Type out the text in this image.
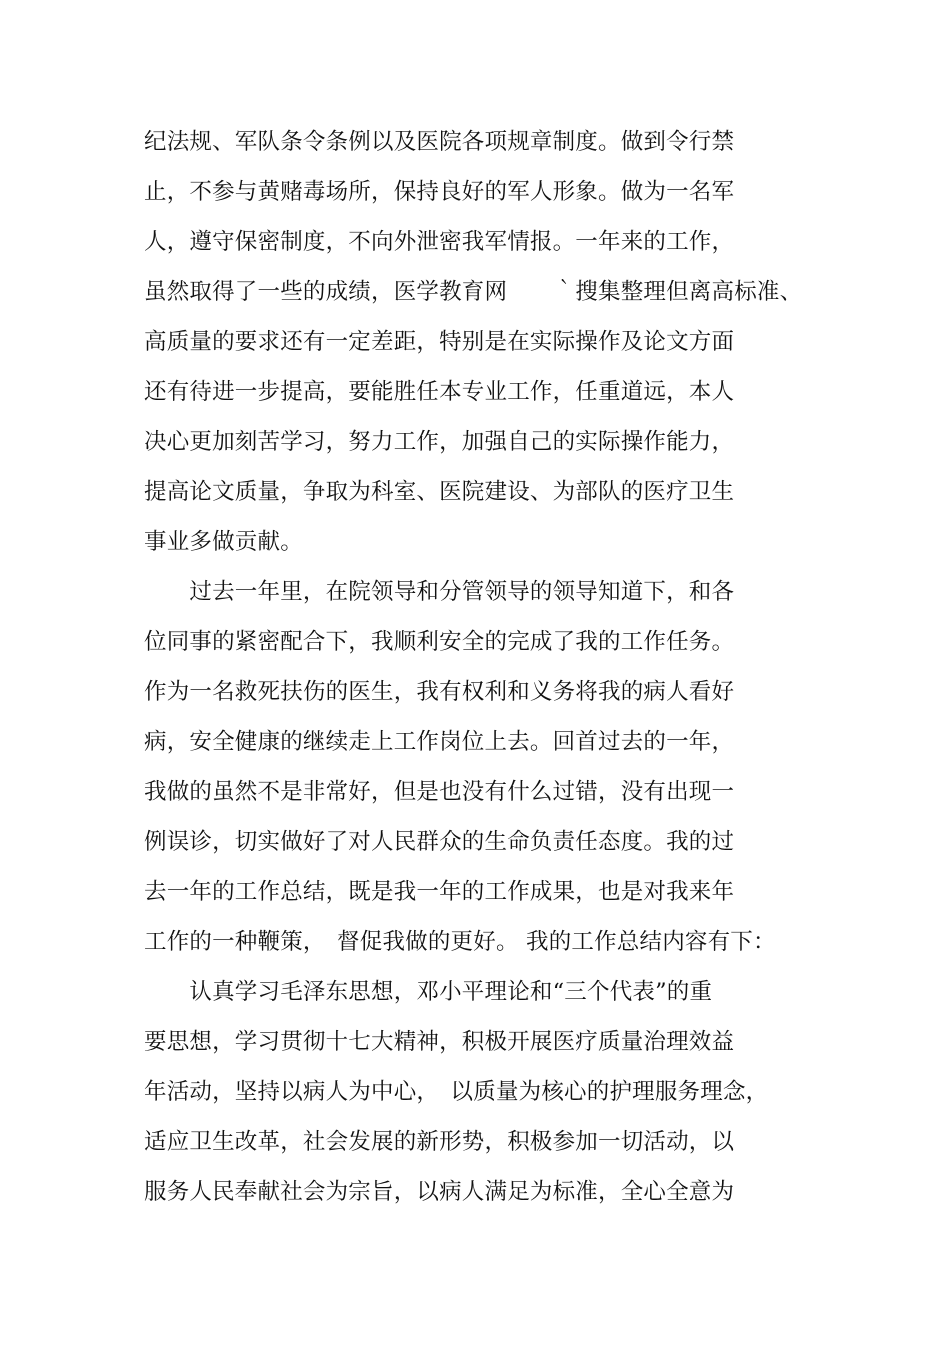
纪法规、军队条令条例以及医院各项规章制度。做到令行禁
止，不参与黄赌毒场所，保持良好的军人形象。做为一名军
人，遵守保密制度，不向外泄密我军情报。一年来的工作，
虽然取得了一些的成绩，医学教育网　　｀搜集整理但离高标准、
高质量的要求还有一定差距，特别是在实际操作及论文方面
还有待进一步提高，要能胜任本专业工作，任重道远，本人
决心更加刻苦学习，努力工作，加强自己的实际操作能力，
提高论文质量，争取为科室、医院建设、为部队的医疗卫生
事业多做贡献。
　　过去一年里，在院领导和分管领导的领导知道下，和各
位同事的紧密配合下，我顺利安全的完成了我的工作任务。
作为一名救死扶伤的医生，我有权利和义务将我的病人看好
病，安全健康的继续走上工作岗位上去。回首过去的一年，
我做的虽然不是非常好，但是也没有什么过错，没有出现一
例误诊，切实做好了对人民群众的生命负责任态度。我的过
去一年的工作总结，既是我一年的工作成果，也是对我来年
工作的一种鞭策，　督促我做的更好。 我的工作总结内容有下：
　　认真学习毛泽东思想，邓小平理论和“三个代表”的重
要思想，学习贯彻十七大精神，积极开展医疗质量治理效益
年活动，坚持以病人为中心，　以质量为核心的护理服务理念，
适应卫生改革，社会发展的新形势，积极参加一切活动，以
服务人民奉献社会为宗旨，以病人满足为标准，全心全意为
